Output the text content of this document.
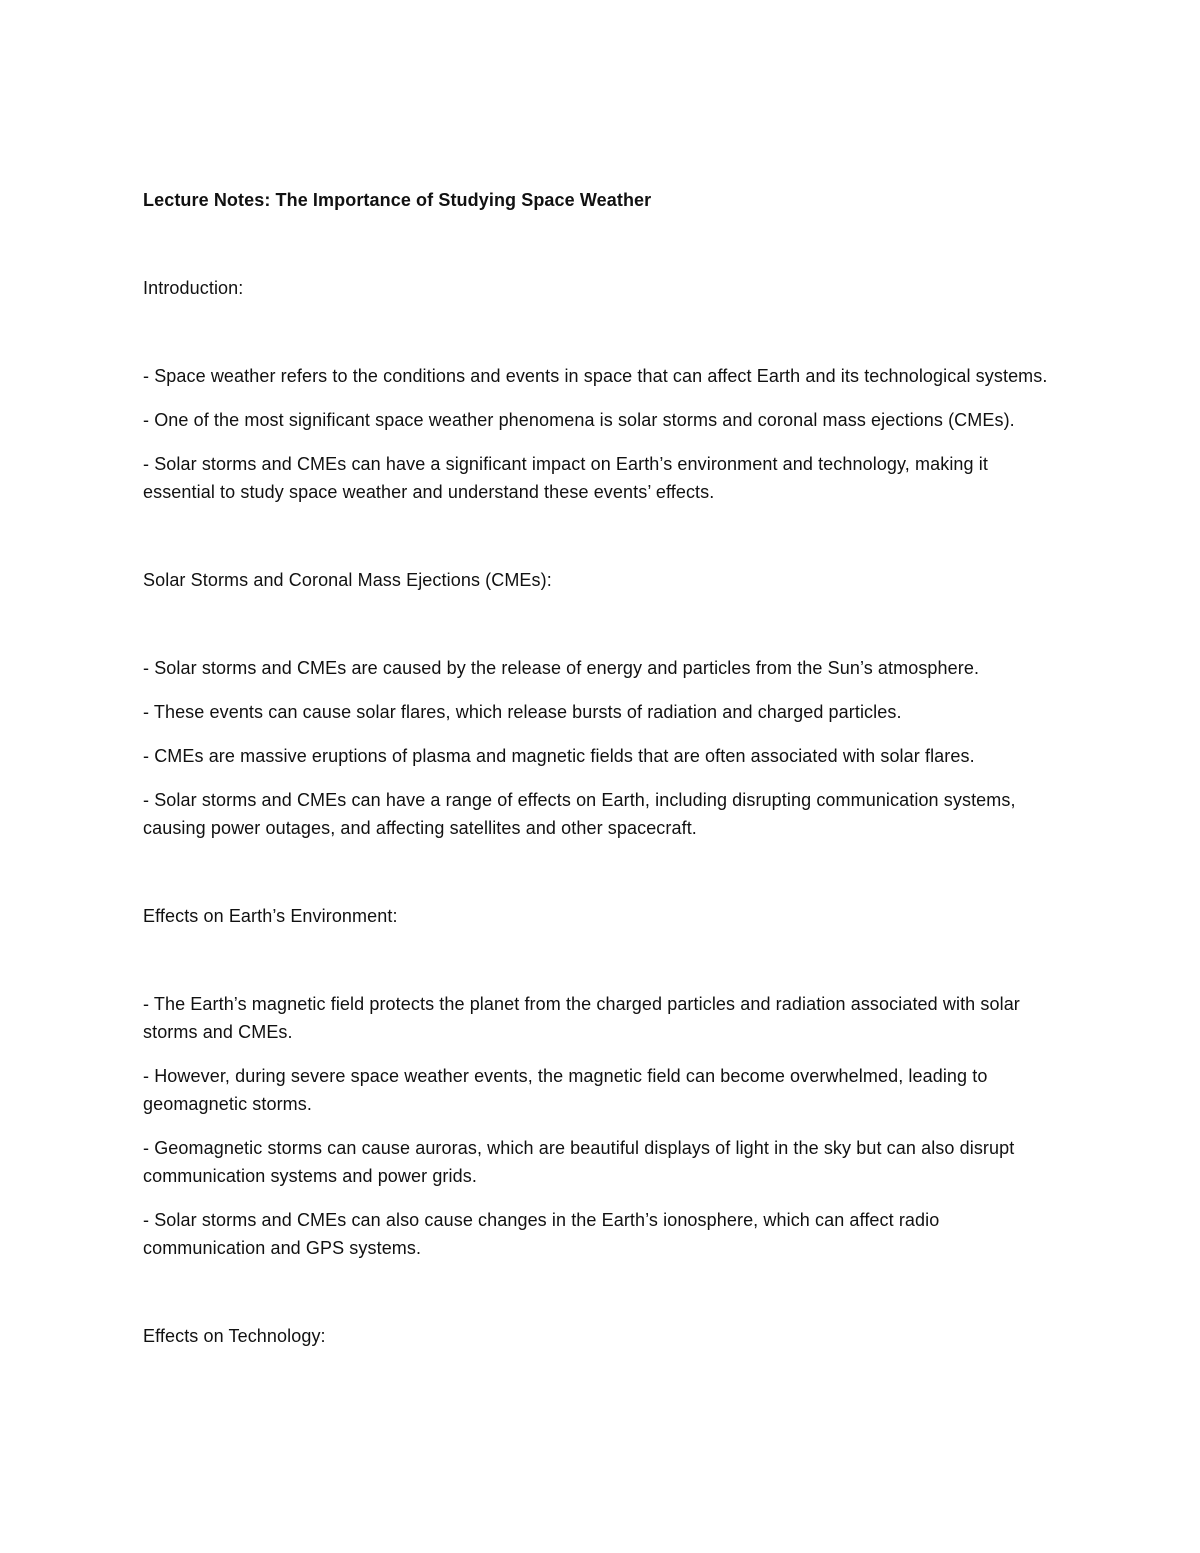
Lecture Notes: The Importance of Studying Space Weather

Introduction:

- Space weather refers to the conditions and events in space that can affect Earth and its technological systems.

- One of the most significant space weather phenomena is solar storms and coronal mass ejections (CMEs).

- Solar storms and CMEs can have a significant impact on Earth’s environment and technology, making it essential to study space weather and understand these events’ effects.

Solar Storms and Coronal Mass Ejections (CMEs):

- Solar storms and CMEs are caused by the release of energy and particles from the Sun’s atmosphere.

- These events can cause solar flares, which release bursts of radiation and charged particles.

- CMEs are massive eruptions of plasma and magnetic fields that are often associated with solar flares.

- Solar storms and CMEs can have a range of effects on Earth, including disrupting communication systems, causing power outages, and affecting satellites and other spacecraft.

Effects on Earth’s Environment:

- The Earth’s magnetic field protects the planet from the charged particles and radiation associated with solar storms and CMEs.

- However, during severe space weather events, the magnetic field can become overwhelmed, leading to geomagnetic storms.

- Geomagnetic storms can cause auroras, which are beautiful displays of light in the sky but can also disrupt communication systems and power grids.

- Solar storms and CMEs can also cause changes in the Earth’s ionosphere, which can affect radio communication and GPS systems.

Effects on Technology:
